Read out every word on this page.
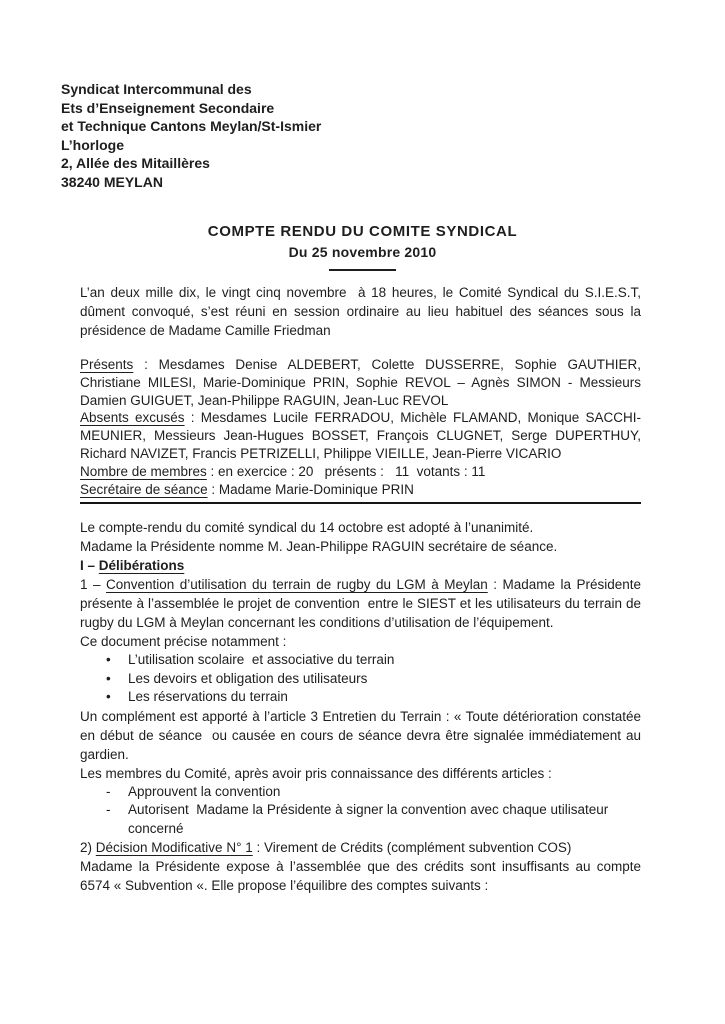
Syndicat Intercommunal des
Ets d’Enseignement Secondaire
et Technique Cantons Meylan/St-Ismier
L’horloge
2, Allée des Mitaillères
38240 MEYLAN
COMPTE RENDU DU COMITE SYNDICAL
Du 25 novembre 2010

L’an deux mille dix, le vingt cinq novembre  à 18 heures, le Comité Syndical du S.I.E.S.T, dûment convoqué, s’est réuni en session ordinaire au lieu habituel des séances sous la présidence de Madame Camille Friedman

Présents : Mesdames Denise ALDEBERT, Colette DUSSERRE, Sophie GAUTHIER, Christiane MILESI, Marie-Dominique PRIN, Sophie REVOL – Agnès SIMON - Messieurs Damien GUIGUET, Jean-Philippe RAGUIN, Jean-Luc REVOL

Absents excusés : Mesdames Lucile FERRADOU, Michèle FLAMAND, Monique SACCHI-MEUNIER, Messieurs Jean-Hugues BOSSET, François CLUGNET, Serge DUPERTHUY, Richard NAVIZET, Francis PETRIZELLI, Philippe VIEILLE, Jean-Pierre VICARIO

Nombre de membres : en exercice : 20   présents :   11  votants : 11

Secrétaire de séance : Madame Marie-Dominique PRIN

Le compte-rendu du comité syndical du 14 octobre est adopté à l’unanimité.

Madame la Présidente nomme M. Jean-Philippe RAGUIN secrétaire de séance.

I – Délibérations

1 – Convention d’utilisation du terrain de rugby du LGM à Meylan : Madame la Présidente présente à l’assemblée le projet de convention  entre le SIEST et les utilisateurs du terrain de rugby du LGM à Meylan concernant les conditions d’utilisation de l’équipement.

Ce document précise notamment :

•	L’utilisation scolaire  et associative du terrain
•	Les devoirs et obligation des utilisateurs
•	Les réservations du terrain

Un complément est apporté à l’article 3 Entretien du Terrain : « Toute détérioration constatée en début de séance  ou causée en cours de séance devra être signalée immédiatement au gardien.

Les membres du Comité, après avoir pris connaissance des différents articles :

-	Approuvent la convention
-	Autorisent  Madame la Présidente à signer la convention avec chaque utilisateur concerné

2) Décision Modificative N° 1 : Virement de Crédits (complément subvention COS)

Madame la Présidente expose à l’assemblée que des crédits sont insuffisants au compte 6574 « Subvention «. Elle propose l’équilibre des comptes suivants :
